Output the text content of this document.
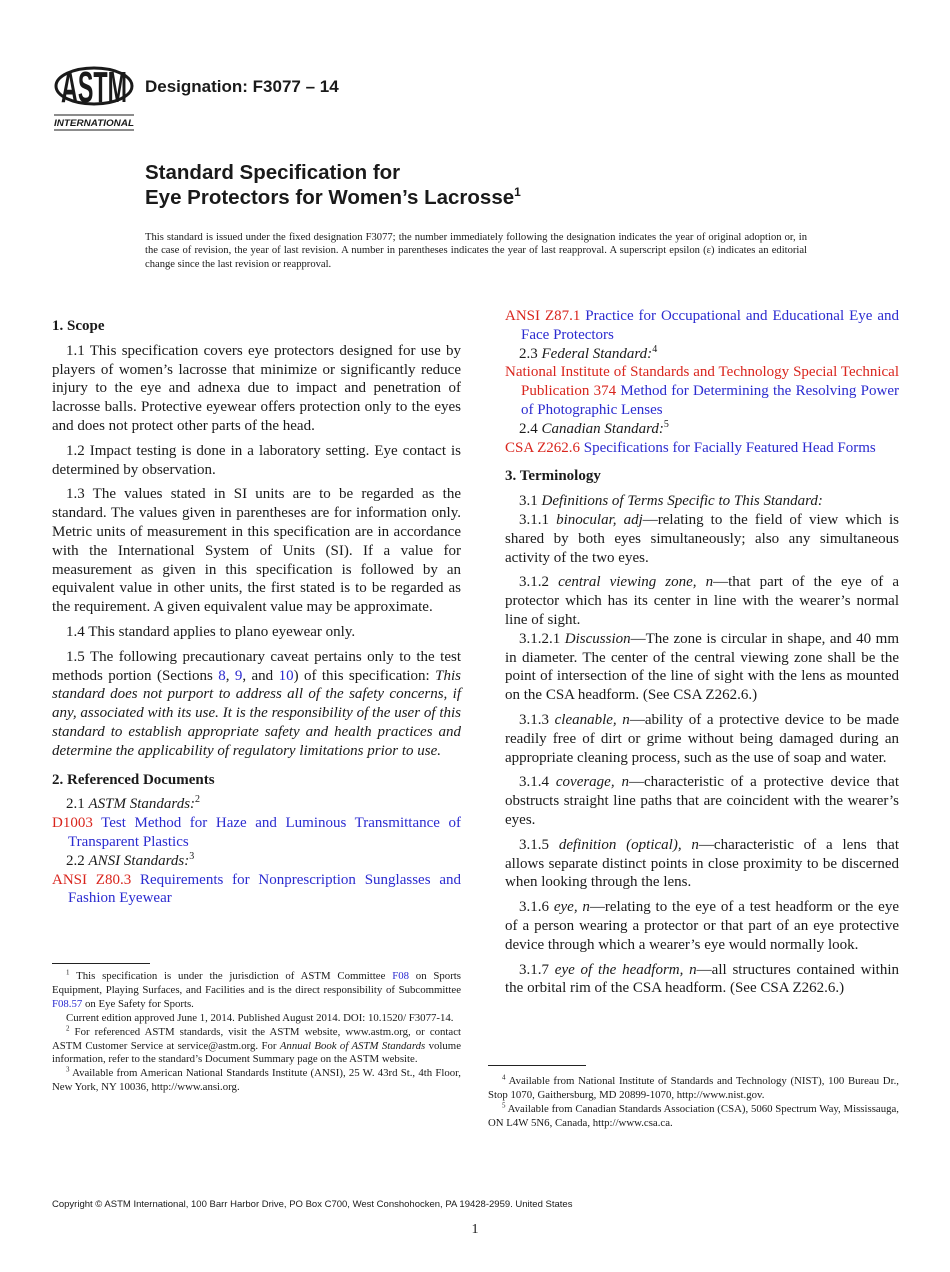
ASTM
INTERNATIONAL
Designation: F3077 – 14
Standard Specification for
Eye Protectors for Women’s Lacrosse$^1$
This standard is issued under the fixed designation F3077; the number immediately following the designation indicates the year of original adoption or, in the case of revision, the year of last revision. A number in parentheses indicates the year of last reapproval. A superscript epsilon (ε) indicates an editorial change since the last revision or reapproval.
1. Scope
1.1 This specification covers eye protectors designed for use by players of women’s lacrosse that minimize or significantly reduce injury to the eye and adnexa due to impact and penetration of lacrosse balls. Protective eyewear offers protection only to the eyes and does not protect other parts of the head.
1.2 Impact testing is done in a laboratory setting. Eye contact is determined by observation.
1.3 The values stated in SI units are to be regarded as the standard. The values given in parentheses are for information only. Metric units of measurement in this specification are in accordance with the International System of Units (SI). If a value for measurement as given in this specification is followed by an equivalent value in other units, the first stated is to be regarded as the requirement. A given equivalent value may be approximate.
1.4 This standard applies to plano eyewear only.
1.5 The following precautionary caveat pertains only to the test methods portion (Sections 8, 9, and 10) of this specification: This standard does not purport to address all of the safety concerns, if any, associated with its use. It is the responsibility of the user of this standard to establish appropriate safety and health practices and determine the applicability of regulatory limitations prior to use.
2. Referenced Documents
2.1 ASTM Standards:$^2$
D1003 Test Method for Haze and Luminous Transmittance of Transparent Plastics
2.2 ANSI Standards:$^3$
ANSI Z80.3 Requirements for Nonprescription Sunglasses and Fashion Eyewear
ANSI Z87.1 Practice for Occupational and Educational Eye and Face Protectors
2.3 Federal Standard:$^4$
National Institute of Standards and Technology Special Technical Publication 374 Method for Determining the Resolving Power of Photographic Lenses
2.4 Canadian Standard:$^5$
CSA Z262.6 Specifications for Facially Featured Head Forms
3. Terminology
3.1 Definitions of Terms Specific to This Standard:
3.1.1 binocular, adj—relating to the field of view which is shared by both eyes simultaneously; also any simultaneous activity of the two eyes.
3.1.2 central viewing zone, n—that part of the eye of a protector which has its center in line with the wearer’s normal line of sight.
3.1.2.1 Discussion—The zone is circular in shape, and 40 mm in diameter. The center of the central viewing zone shall be the point of intersection of the line of sight with the lens as mounted on the CSA headform. (See CSA Z262.6.)
3.1.3 cleanable, n—ability of a protective device to be made readily free of dirt or grime without being damaged during an appropriate cleaning process, such as the use of soap and water.
3.1.4 coverage, n—characteristic of a protective device that obstructs straight line paths that are coincident with the wearer’s eyes.
3.1.5 definition (optical), n—characteristic of a lens that allows separate distinct points in close proximity to be discerned when looking through the lens.
3.1.6 eye, n—relating to the eye of a test headform or the eye of a person wearing a protector or that part of an eye protective device through which a wearer’s eye would normally look.
3.1.7 eye of the headform, n—all structures contained within the orbital rim of the CSA headform. (See CSA Z262.6.)
$^1$ This specification is under the jurisdiction of ASTM Committee F08 on Sports Equipment, Playing Surfaces, and Facilities and is the direct responsibility of Subcommittee F08.57 on Eye Safety for Sports.
Current edition approved June 1, 2014. Published August 2014. DOI: 10.1520/ F3077-14.
$^2$ For referenced ASTM standards, visit the ASTM website, www.astm.org, or contact ASTM Customer Service at service@astm.org. For Annual Book of ASTM Standards volume information, refer to the standard’s Document Summary page on the ASTM website.
$^3$ Available from American National Standards Institute (ANSI), 25 W. 43rd St., 4th Floor, New York, NY 10036, http://www.ansi.org.
$^4$ Available from National Institute of Standards and Technology (NIST), 100 Bureau Dr., Stop 1070, Gaithersburg, MD 20899-1070, http://www.nist.gov.
$^5$ Available from Canadian Standards Association (CSA), 5060 Spectrum Way, Mississauga, ON L4W 5N6, Canada, http://www.csa.ca.
Copyright © ASTM International, 100 Barr Harbor Drive, PO Box C700, West Conshohocken, PA 19428-2959. United States
1
